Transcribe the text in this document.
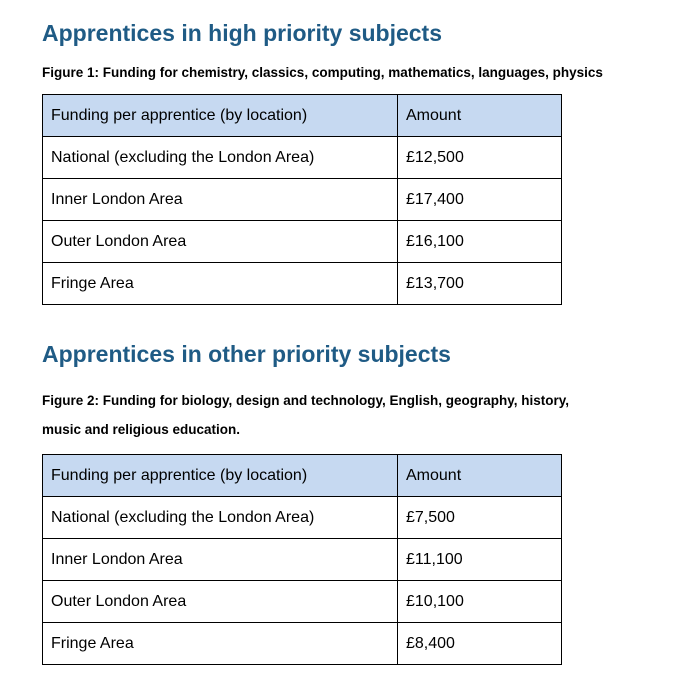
Apprentices in high priority subjects

Figure 1: Funding for chemistry, classics, computing, mathematics, languages, physics

Funding per apprentice (by location)	Amount
National (excluding the London Area)	£12,500
Inner London Area	£17,400
Outer London Area	£16,100
Fringe Area	£13,700
Apprentices in other priority subjects

Figure 2: Funding for biology, design and technology, English, geography, history, music and religious education.

Funding per apprentice (by location)	Amount
National (excluding the London Area)	£7,500
Inner London Area	£11,100
Outer London Area	£10,100
Fringe Area	£8,400
